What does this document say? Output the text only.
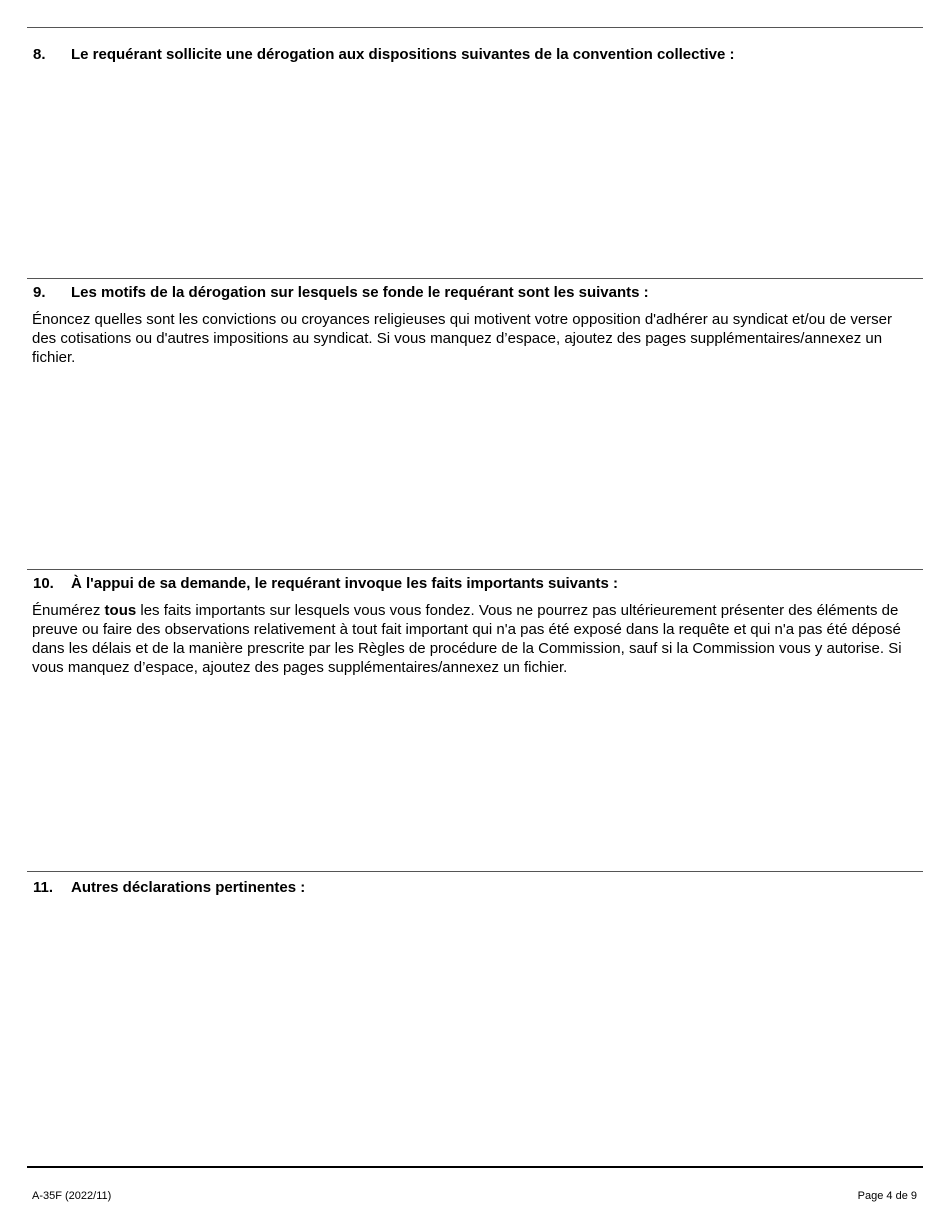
8. Le requérant sollicite une dérogation aux dispositions suivantes de la convention collective :
9. Les motifs de la dérogation sur lesquels se fonde le requérant sont les suivants :
Énoncez quelles sont les convictions ou croyances religieuses qui motivent votre opposition d'adhérer au syndicat et/ou de verser des cotisations ou d'autres impositions au syndicat. Si vous manquez d’espace, ajoutez des pages supplémentaires/annexez un fichier.
10. À l'appui de sa demande, le requérant invoque les faits importants suivants :
Énumérez tous les faits importants sur lesquels vous vous fondez. Vous ne pourrez pas ultérieurement présenter des éléments de preuve ou faire des observations relativement à tout fait important qui n'a pas été exposé dans la requête et qui n'a pas été déposé dans les délais et de la manière prescrite par les Règles de procédure de la Commission, sauf si la Commission vous y autorise. Si vous manquez d’espace, ajoutez des pages supplémentaires/annexez un fichier.
11. Autres déclarations pertinentes :
A-35F (2022/11)	Page 4 de 9
